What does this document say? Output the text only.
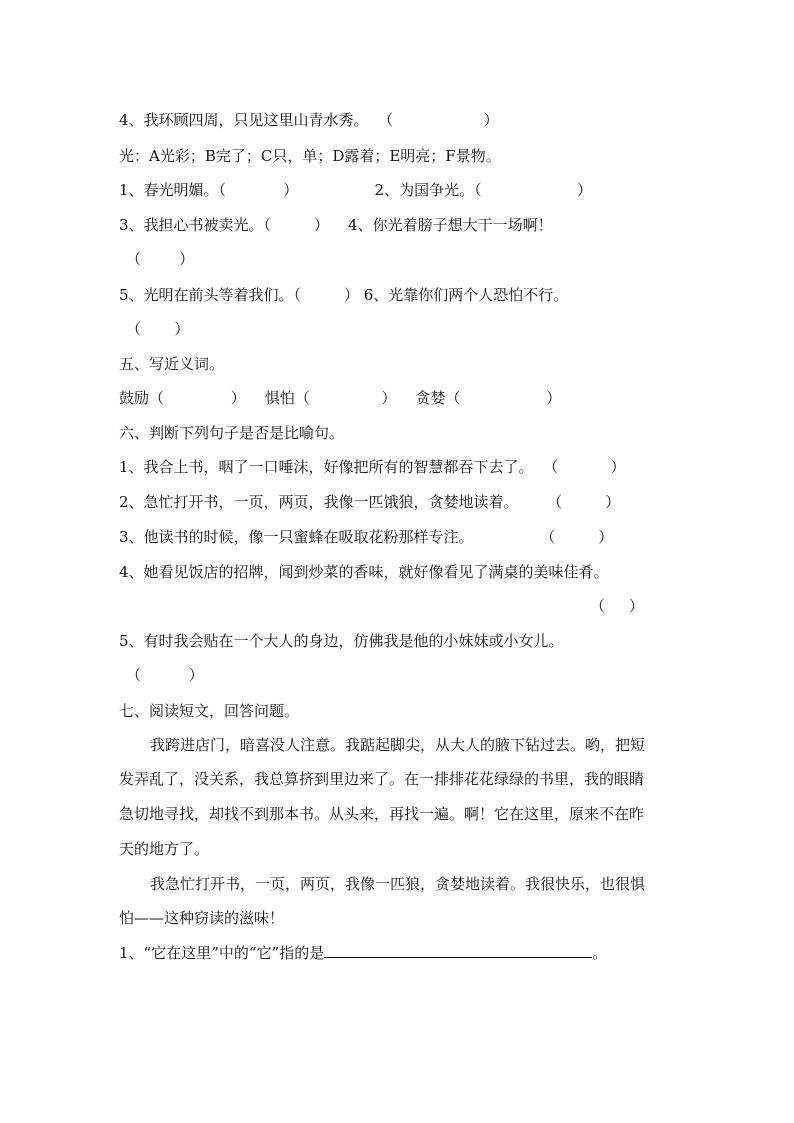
4、我环顾四周，只见这里山青水秀。  （                   ）
光：A光彩；B完了；C只，单；D露着；E明亮；F景物。
1、春光明媚。（            ）                2、为国争光。（                    ）
3、我担心书被卖光。（         ）    4、你光着膀子想大干一场啊！
（        ）
5、光明在前头等着我们。（         ） 6、光靠你们两个人恐怕不行。
（       ）
五、写近义词。
鼓励（              ）    惧怕（               ）    贪婪（                  ）
六、判断下列句子是否是比喻句。
1、我合上书，咽了一口唾沫，好像把所有的智慧都吞下去了。  （           ）
2、急忙打开书，一页，两页，我像一匹饿狼，贪婪地读着。      （         ）
3、他读书的时候，像一只蜜蜂在吸取花粉那样专注。              （         ）
4、她看见饭店的招牌，闻到炒菜的香味，就好像看见了满桌的美味佳肴。
（     ）
5、有时我会贴在一个大人的身边，仿佛我是他的小妹妹或小女儿。
（          ）
七、阅读短文，回答问题。
我跨进店门，暗喜没人注意。我踮起脚尖，从大人的腋下钻过去。哟，把短
发弄乱了，没关系，我总算挤到里边来了。在一排排花花绿绿的书里，我的眼睛
急切地寻找，却找不到那本书。从头来，再找一遍。啊！它在这里，原来不在昨
天的地方了。
我急忙打开书，一页，两页，我像一匹狼，贪婪地读着。我很快乐，也很惧
怕——这种窃读的滋味！
1、“它在这里”中的“它”指的是	。
